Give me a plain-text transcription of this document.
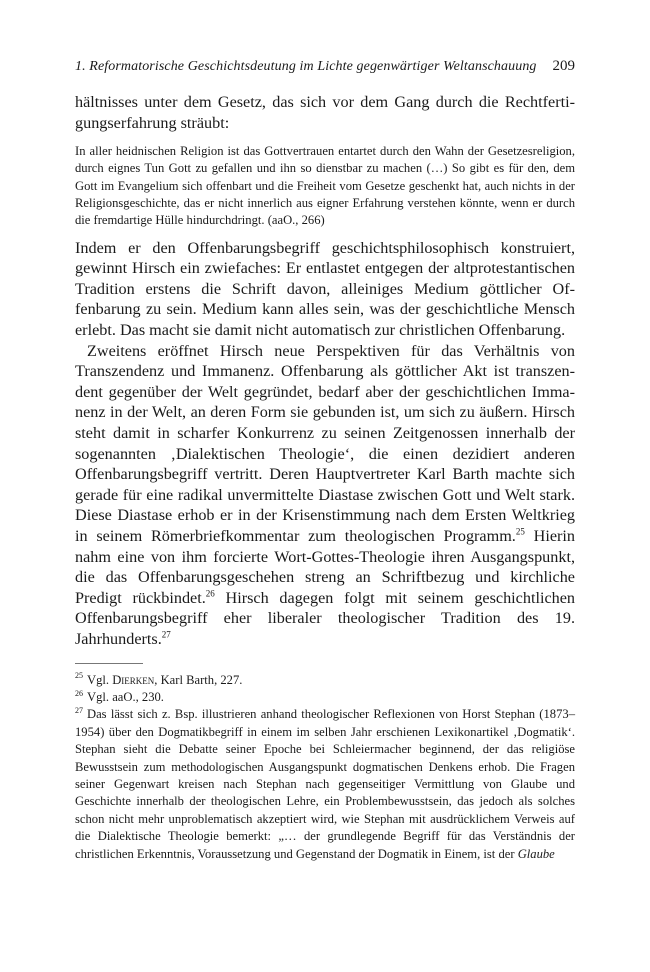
1. Reformatorische Geschichtsdeutung im Lichte gegenwärtiger Weltanschauung 209

hältnisses unter dem Gesetz, das sich vor dem Gang durch die Rechtfertigungserfahrung sträubt:

In aller heidnischen Religion ist das Gottvertrauen entartet durch den Wahn der Gesetzesreligion, durch eignes Tun Gott zu gefallen und ihn so dienstbar zu machen (…) So gibt es für den, dem Gott im Evangelium sich offenbart und die Freiheit vom Gesetze geschenkt hat, auch nichts in der Religionsgeschichte, das er nicht innerlich aus eigner Erfahrung verstehen könnte, wenn er durch die fremdartige Hülle hindurchdringt. (aaO., 266)

Indem er den Offenbarungsbegriff geschichtsphilosophisch konstruiert, gewinnt Hirsch ein zwiefaches: Er entlastet entgegen der altprotestantischen Tradition erstens die Schrift davon, alleiniges Medium göttlicher Offenbarung zu sein. Medium kann alles sein, was der geschichtliche Mensch erlebt. Das macht sie damit nicht automatisch zur christlichen Offenbarung.

Zweitens eröffnet Hirsch neue Perspektiven für das Verhältnis von Transzendenz und Immanenz. Offenbarung als göttlicher Akt ist transzendent gegenüber der Welt gegründet, bedarf aber der geschichtlichen Immanenz in der Welt, an deren Form sie gebunden ist, um sich zu äußern. Hirsch steht damit in scharfer Konkurrenz zu seinen Zeitgenossen innerhalb der sogenannten ‚Dialektischen Theologie‘, die einen dezidiert anderen Offenbarungsbegriff vertritt. Deren Hauptvertreter Karl Barth machte sich gerade für eine radikal unvermittelte Diastase zwischen Gott und Welt stark. Diese Diastase erhob er in der Krisenstimmung nach dem Ersten Weltkrieg in seinem Römerbriefkommentar zum theologischen Programm.$^{25}$ Hierin nahm eine von ihm forcierte Wort-Gottes-Theologie ihren Ausgangspunkt, die das Offenbarungsgeschehen streng an Schriftbezug und kirchliche Predigt rückbindet.$^{26}$ Hirsch dagegen folgt mit seinem geschichtlichen Offenbarungsbegriff eher liberaler theologischer Tradition des 19. Jahrhunderts.$^{27}$

$^{25}$ Vgl. Dierken, Karl Barth, 227.

$^{26}$ Vgl. aaO., 230.

$^{27}$ Das lässt sich z. Bsp. illustrieren anhand theologischer Reflexionen von Horst Stephan (1873–1954) über den Dogmatikbegriff in einem im selben Jahr erschienen Lexikonartikel ‚Dogmatik‘. Stephan sieht die Debatte seiner Epoche bei Schleiermacher beginnend, der das religiöse Bewusstsein zum methodologischen Ausgangspunkt dogmatischen Denkens erhob. Die Fragen seiner Gegenwart kreisen nach Stephan nach gegenseitiger Vermittlung von Glaube und Geschichte innerhalb der theologischen Lehre, ein Problembewusstsein, das jedoch als solches schon nicht mehr unproblematisch akzeptiert wird, wie Stephan mit ausdrücklichem Verweis auf die Dialektische Theologie bemerkt: „… der grundlegende Begriff für das Verständnis der christlichen Erkenntnis, Voraussetzung und Gegenstand der Dogmatik in Einem, ist der Glaube
